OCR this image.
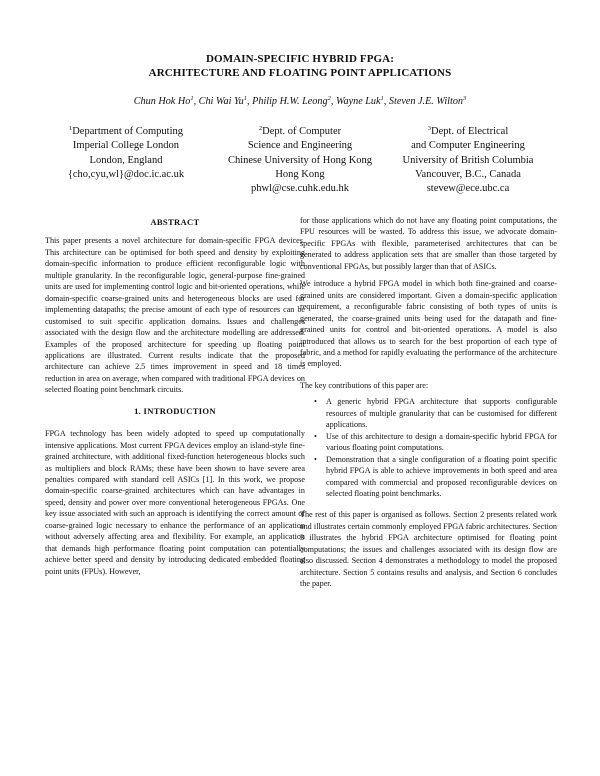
DOMAIN-SPECIFIC HYBRID FPGA:
ARCHITECTURE AND FLOATING POINT APPLICATIONS
Chun Hok Ho$^1$, Chi Wai Yu$^1$, Philip H.W. Leong$^2$, Wayne Luk$^1$, Steven J.E. Wilton$^3$
$^1$Department of Computing
Imperial College London
London, England
{cho,cyu,wl}@doc.ic.ac.uk
$^2$Dept. of Computer
Science and Engineering
Chinese University of Hong Kong
Hong Kong
phwl@cse.cuhk.edu.hk
$^3$Dept. of Electrical
and Computer Engineering
University of British Columbia
Vancouver, B.C., Canada
stevew@ece.ubc.ca
ABSTRACT

This paper presents a novel architecture for domain-specific FPGA devices. This architecture can be optimised for both speed and density by exploiting domain-specific information to produce efficient reconfigurable logic with multiple granularity. In the reconfigurable logic, general-purpose fine-grained units are used for implementing control logic and bit-oriented operations, while domain-specific coarse-grained units and heterogeneous blocks are used for implementing datapaths; the precise amount of each type of resources can be customised to suit specific application domains. Issues and challenges associated with the design flow and the architecture modelling are addressed. Examples of the proposed architecture for speeding up floating point applications are illustrated. Current results indicate that the proposed architecture can achieve 2.5 times improvement in speed and 18 times reduction in area on average, when compared with traditional FPGA devices on selected floating point benchmark circuits.

1. INTRODUCTION

FPGA technology has been widely adopted to speed up computationally intensive applications. Most current FPGA devices employ an island-style fine-grained architecture, with additional fixed-function heterogeneous blocks such as multipliers and block RAMs; these have been shown to have severe area penalties compared with standard cell ASICs [1]. In this work, we propose domain-specific coarse-grained architectures which can have advantages in speed, density and power over more conventional heterogeneous FPGAs. One key issue associated with such an approach is identifying the correct amount of coarse-grained logic necessary to enhance the performance of an application without adversely affecting area and flexibility. For example, an application that demands high performance floating point computation can potentially achieve better speed and density by introducing dedicated embedded floating point units (FPUs). However,

for those applications which do not have any floating point computations, the FPU resources will be wasted. To address this issue, we advocate domain-specific FPGAs with flexible, parameterised architectures that can be generated to address application sets that are smaller than those targeted by conventional FPGAs, but possibly larger than that of ASICs.

We introduce a hybrid FPGA model in which both fine-grained and coarse-grained units are considered important. Given a domain-specific application requirement, a reconfigurable fabric consisting of both types of units is generated, the coarse-grained units being used for the datapath and fine-grained units for control and bit-oriented operations. A model is also introduced that allows us to search for the best proportion of each type of fabric, and a method for rapidly evaluating the performance of the architecture is employed.

The key contributions of this paper are:

• A generic hybrid FPGA architecture that supports configurable resources of multiple granularity that can be customised for different applications.
• Use of this architecture to design a domain-specific hybrid FPGA for various floating point computations.
• Demonstration that a single configuration of a floating point specific hybrid FPGA is able to achieve improvements in both speed and area compared with commercial and proposed reconfigurable devices on selected floating point benchmarks.

The rest of this paper is organised as follows. Section 2 presents related work and illustrates certain commonly employed FPGA fabric architectures. Section 3 illustrates the hybrid FPGA architecture optimised for floating point computations; the issues and challenges associated with its design flow are also discussed. Section 4 demonstrates a methodology to model the proposed architecture. Section 5 contains results and analysis, and Section 6 concludes the paper.
